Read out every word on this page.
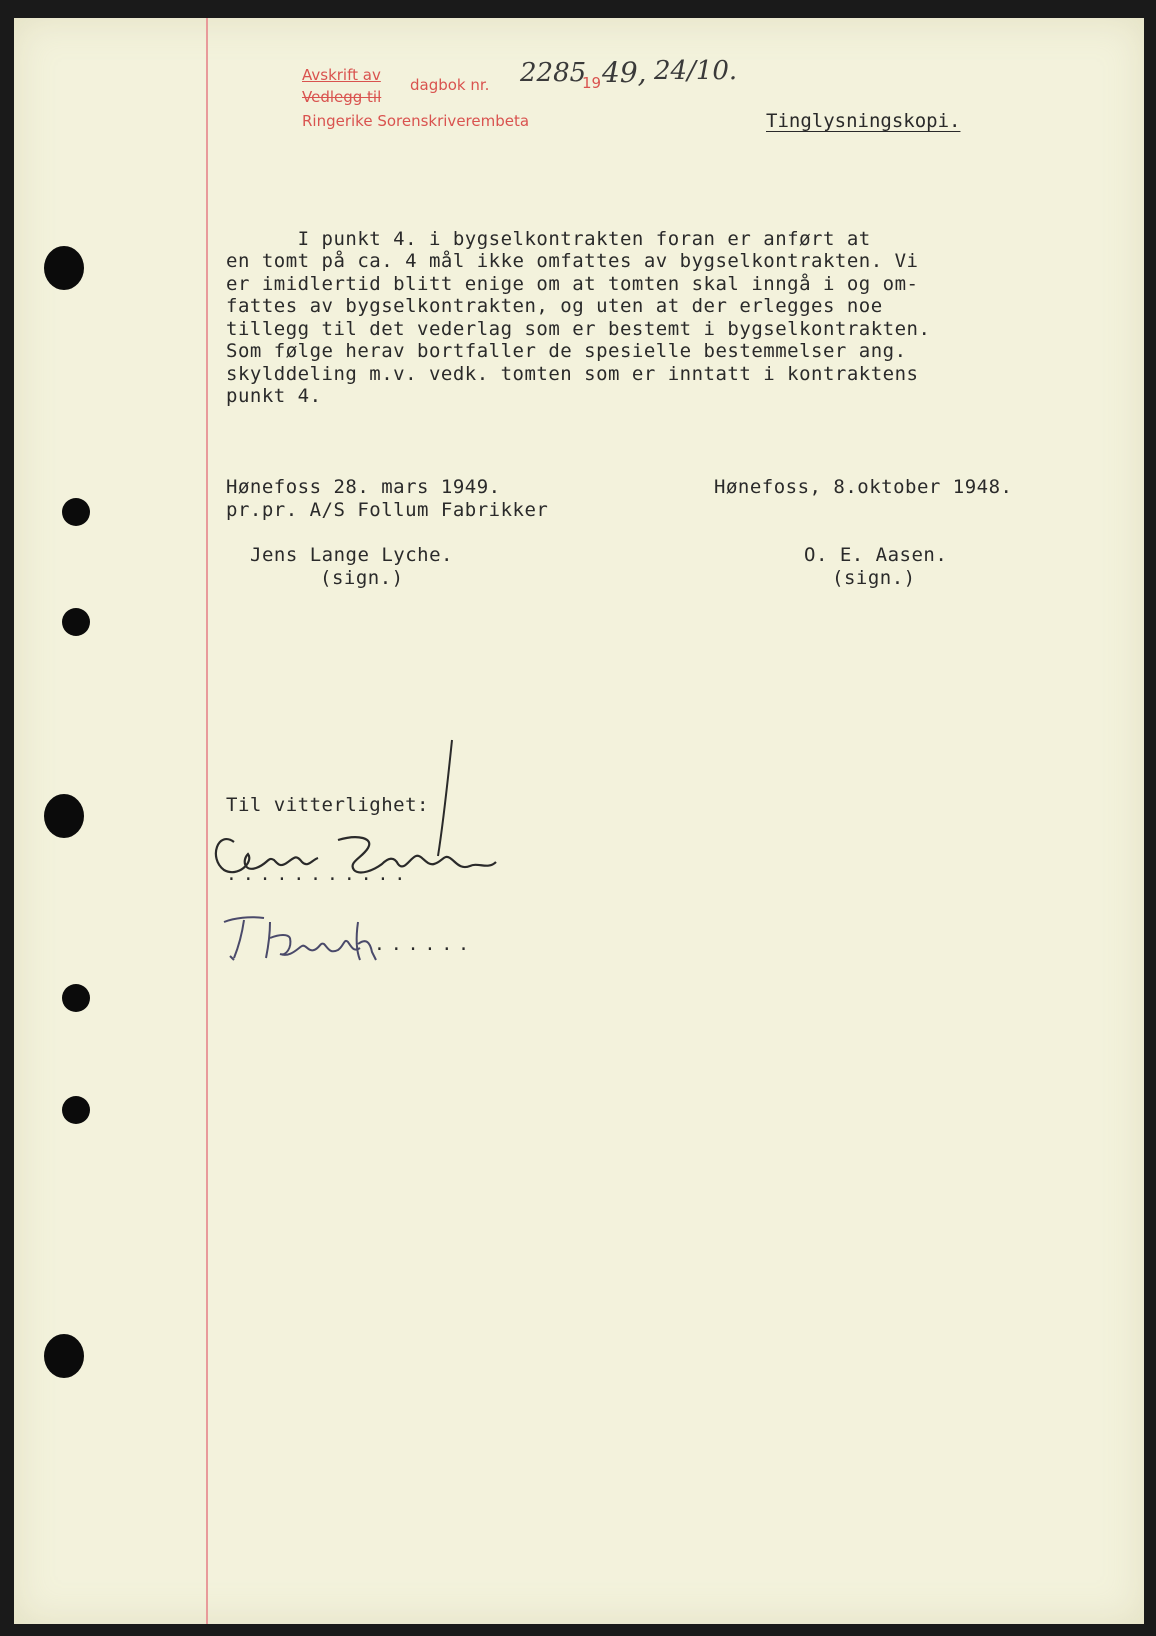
Avskrift av
Vedlegg til
dagbok nr.
Ringerike Sorenskriverembeta
19
2285 49, 24/10.
Tinglysningskopi.
I punkt 4. i bygselkontrakten foran er anført at
en tomt på ca. 4 mål ikke omfattes av bygselkontrakten. Vi
er imidlertid blitt enige om at tomten skal inngå i og om-
fattes av bygselkontrakten, og uten at der erlegges noe
tillegg til det vederlag som er bestemt i bygselkontrakten.
Som følge herav bortfaller de spesielle bestemmelser ang.
skylddeling m.v. vedk. tomten som er inntatt i kontraktens
punkt 4.
Hønefoss 28. mars 1949.
pr.pr. A/S Follum Fabrikker
Jens Lange Lyche.
(sign.)
Hønefoss, 8.oktober 1948.
O. E. Aasen.
(sign.)
Til vitterlighet:
...........
......
